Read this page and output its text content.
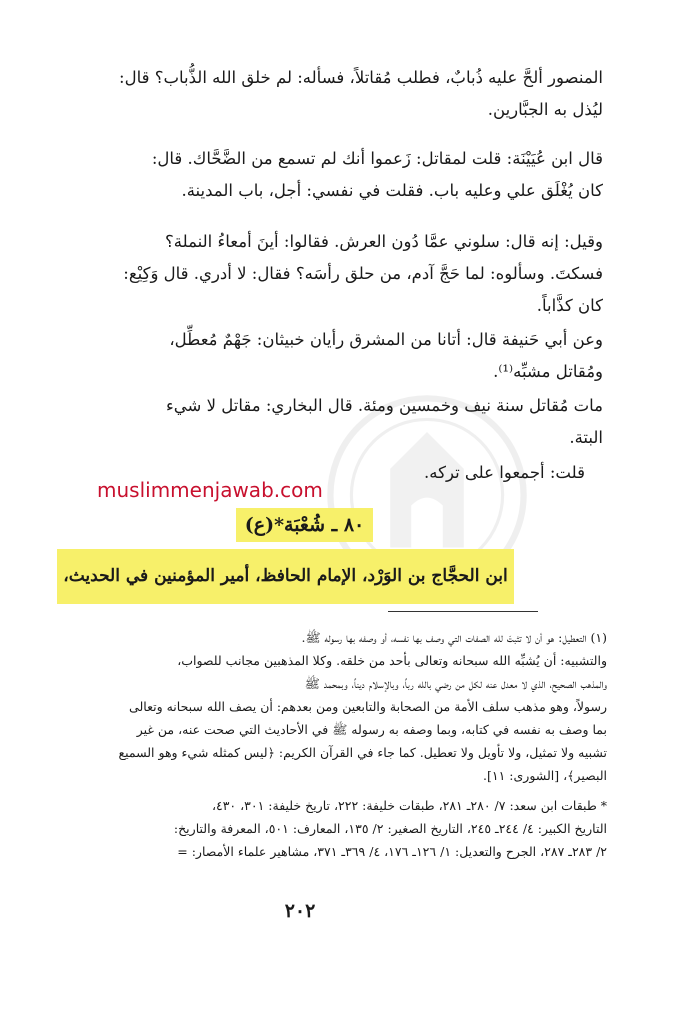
المنصور ألحَّ عليه ذُبابٌ، فطلب مُقاتلاً، فسأله: لم خلق الله الذُّباب؟ قال:
ليُذل به الجبَّارين.
قال ابن عُيَيْنَة: قلت لمقاتل: زَعموا أنك لم تسمع من الضَّحَّاك. قال:
كان يُغْلَق علي وعليه باب. فقلت في نفسي: أجل، باب المدينة.
وقيل: إنه قال: سلوني عمَّا دُون العرش. فقالوا: أينَ أمعاءُ النملة؟
فسكتَ. وسألوه: لما حَجَّ آدم، من حلق رأسَه؟ فقال: لا أدري. قال وَكِيْع:
كان كذَّاباً.
وعن أبي حَنيفة قال: أتانا من المشرق رأيان خبيثان: جَهْمٌ مُعطِّل،
ومُقاتل مشبِّه⁽¹⁾.
مات مُقاتل سنة نيف وخمسين ومئة. قال البخاري: مقاتل لا شيء
البتة.
قلت: أجمعوا على تركه.
muslimmenjawab.com
٨٠ ـ شُعْبَة*(ع)
ابن الحجَّاج بن الوَرْد، الإمام الحافظ، أمير المؤمنين في الحديث،
(١) التعطيل: هو أن لا تثبتَ لله الصفات التي وصف بها نفسه، أو وصفه بها رسوله ﷺ.
والتشبيه: أن يُشبِّه الله سبحانه وتعالى بأحد من خلقه. وكلا المذهبين مجانب للصواب،
والمذهب الصحيح، الذي لا معدل عنه لكل من رضي بالله رباً، وبالإسلام ديناً، وبمحمد ﷺ
رسولاً، وهو مذهب سلف الأمة من الصحابة والتابعين ومن بعدهم: أن يصف الله سبحانه وتعالى
بما وصف به نفسه في كتابه، وبما وصفه به رسوله ﷺ في الأحاديث التي صحت عنه، من غير
تشبيه ولا تمثيل، ولا تأويل ولا تعطيل. كما جاء في القرآن الكريم: ﴿ليس كمثله شيء وهو السميع
البصير﴾، [الشورى: ١١].
* طبقات ابن سعد: ٧/ ٢٨٠ـ ٢٨١، طبقات خليفة: ٢٢٢، تاريخ خليفة: ٣٠١، ٤٣٠،
التاريخ الكبير: ٤/ ٢٤٤ـ ٢٤٥، التاريخ الصغير: ٢/ ١٣٥، المعارف: ٥٠١، المعرفة والتاريخ:
٢/ ٢٨٣ـ ٢٨٧، الجرح والتعديل: ١/ ١٢٦ـ ١٧٦، ٤/ ٣٦٩ـ ٣٧١، مشاهير علماء الأمصار: =
٢٠٢
